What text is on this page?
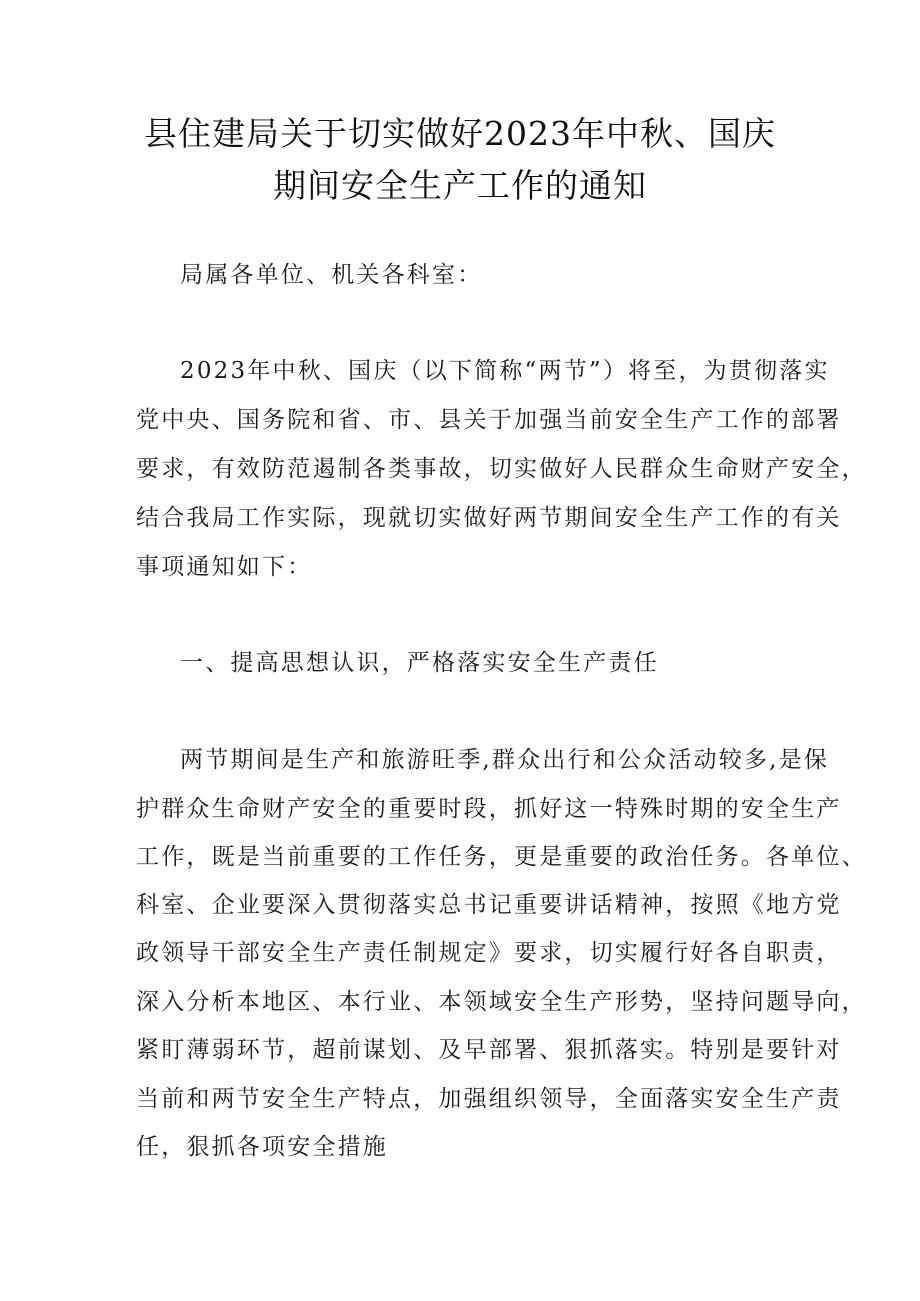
县住建局关于切实做好2023年中秋、国庆
期间安全生产工作的通知

局属各单位、机关各科室：

2023年中秋、国庆（以下简称“两节”）将至，为贯彻落实

党中央、国务院和省、市、县关于加强当前安全生产工作的部署

要求，有效防范遏制各类事故，切实做好人民群众生命财产安全，

结合我局工作实际，现就切实做好两节期间安全生产工作的有关

事项通知如下：

一、提高思想认识，严格落实安全生产责任

两节期间是生产和旅游旺季,群众出行和公众活动较多,是保

护群众生命财产安全的重要时段，抓好这一特殊时期的安全生产

工作，既是当前重要的工作任务，更是重要的政治任务。各单位、

科室、企业要深入贯彻落实总书记重要讲话精神，按照《地方党

政领导干部安全生产责任制规定》要求，切实履行好各自职责，

深入分析本地区、本行业、本领域安全生产形势，坚持问题导向，

紧盯薄弱环节，超前谋划、及早部署、狠抓落实。特别是要针对

当前和两节安全生产特点，加强组织领导，全面落实安全生产责

任，狠抓各项安全措施
